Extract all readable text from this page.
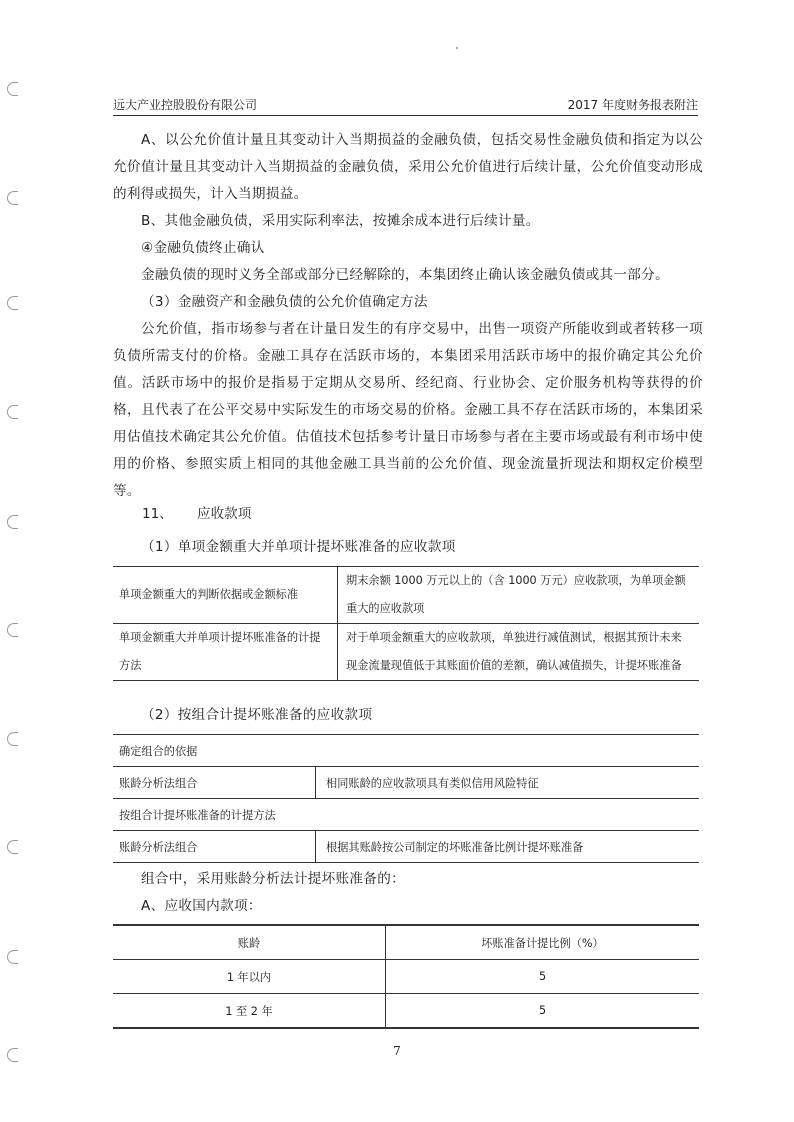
远大产业控股股份有限公司	2017 年度财务报表附注
A、以公允价值计量且其变动计入当期损益的金融负债，包括交易性金融负债和指定为以公允价值计量且其变动计入当期损益的金融负债，采用公允价值进行后续计量，公允价值变动形成的利得或损失，计入当期损益。
B、其他金融负债，采用实际利率法，按摊余成本进行后续计量。
④金融负债终止确认
金融负债的现时义务全部或部分已经解除的，本集团终止确认该金融负债或其一部分。
（3）金融资产和金融负债的公允价值确定方法
公允价值，指市场参与者在计量日发生的有序交易中，出售一项资产所能收到或者转移一项负债所需支付的价格。金融工具存在活跃市场的，本集团采用活跃市场中的报价确定其公允价值。活跃市场中的报价是指易于定期从交易所、经纪商、行业协会、定价服务机构等获得的价格，且代表了在公平交易中实际发生的市场交易的价格。金融工具不存在活跃市场的，本集团采用估值技术确定其公允价值。估值技术包括参考计量日市场参与者在主要市场或最有利市场中使用的价格、参照实质上相同的其他金融工具当前的公允价值、现金流量折现法和期权定价模型等。
11、 应收款项
（1）单项金额重大并单项计提坏账准备的应收款项
单项金额重大的判断依据或金额标准	期末余额 1000 万元以上的（含 1000 万元）应收款项，为单项金额重大的应收款项
单项金额重大并单项计提坏账准备的计提方法	对于单项金额重大的应收款项，单独进行减值测试，根据其预计未来现金流量现值低于其账面价值的差额，确认减值损失，计提坏账准备
（2）按组合计提坏账准备的应收款项
确定组合的依据	
账龄分析法组合	相同账龄的应收款项具有类似信用风险特征
按组合计提坏账准备的计提方法	
账龄分析法组合	根据其账龄按公司制定的坏账准备比例计提坏账准备
组合中，采用账龄分析法计提坏账准备的：
A、应收国内款项：
账龄	坏账准备计提比例（%）
1 年以内	5
1 至 2 年	5
7
